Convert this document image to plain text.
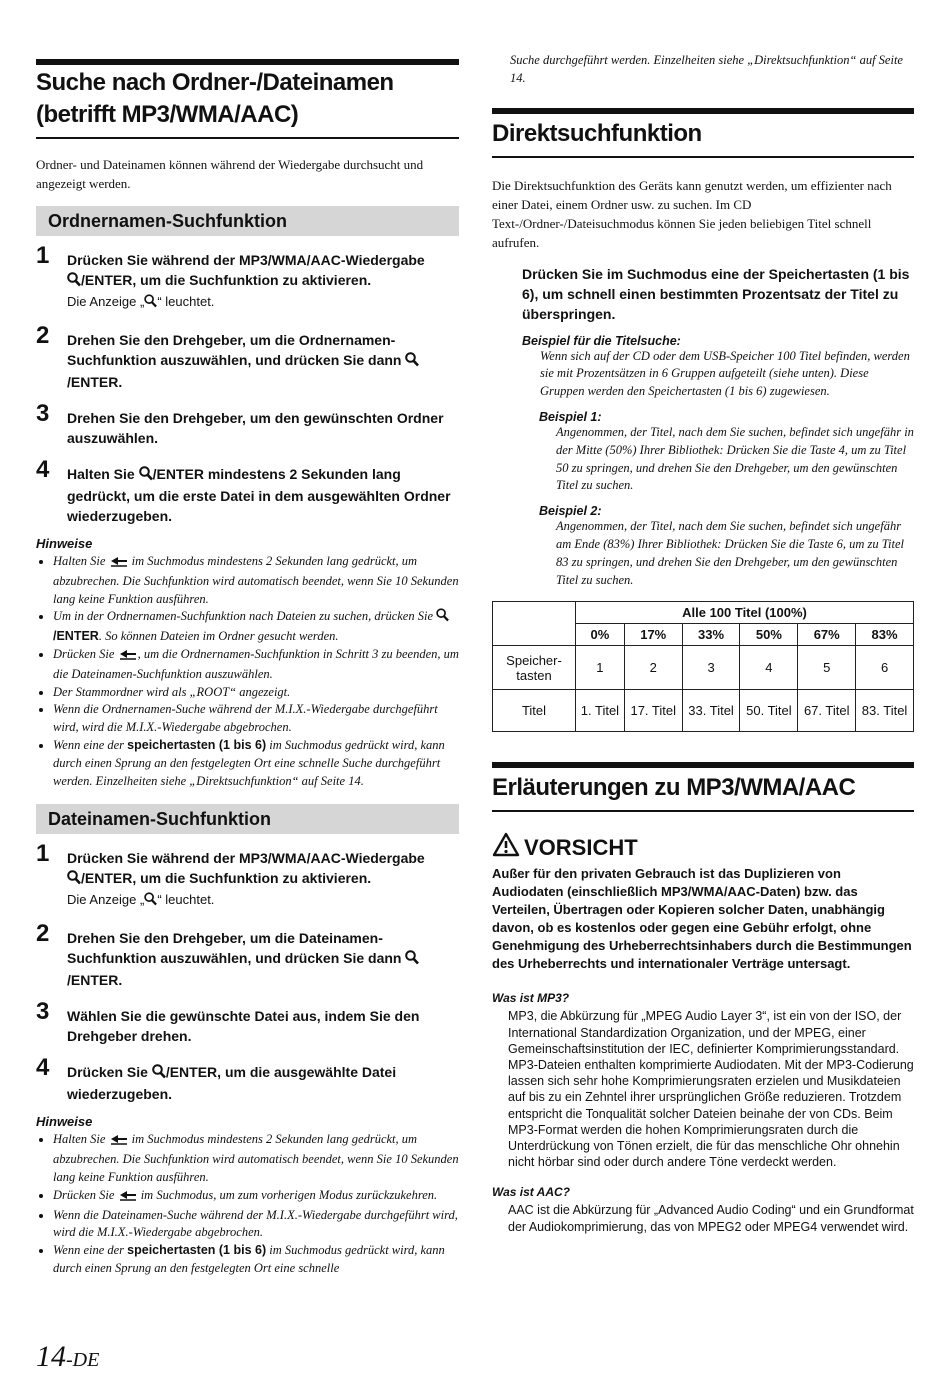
Suche nach Ordner-/Dateinamen
(betrifft MP3/WMA/AAC)

Ordner- und Dateinamen können während der Wiedergabe durchsucht und angezeigt werden.

Ordnernamen-Suchfunktion
1 Drücken Sie während der MP3/WMA/AAC-Wiedergabe
/ENTER, um die Suchfunktion zu aktivieren.
Die Anzeige „ “ leuchtet.
2 Drehen Sie den Drehgeber, um die Ordnernamen-Suchfunktion auszuwählen, und drücken Sie dann /ENTER.
3 Drehen Sie den Drehgeber, um den gewünschten Ordner auszuwählen.
4 Halten Sie /ENTER mindestens 2 Sekunden lang gedrückt, um die erste Datei in dem ausgewählten Ordner wiederzugeben.

Hinweise

• Halten Sie im Suchmodus mindestens 2 Sekunden lang gedrückt, um abzubrechen. Die Suchfunktion wird automatisch beendet, wenn Sie 10 Sekunden lang keine Funktion ausführen.
• Um in der Ordnernamen-Suchfunktion nach Dateien zu suchen, drücken Sie /ENTER. So können Dateien im Ordner gesucht werden.
• Drücken Sie , um die Ordnernamen-Suchfunktion in Schritt 3 zu beenden, um die Dateinamen-Suchfunktion auszuwählen.
• Der Stammordner wird als „ROOT“ angezeigt.
• Wenn die Ordnernamen-Suche während der M.I.X.-Wiedergabe durchgeführt wird, wird die M.I.X.-Wiedergabe abgebrochen.
• Wenn eine der speichertasten (1 bis 6) im Suchmodus gedrückt wird, kann durch einen Sprung an den festgelegten Ort eine schnelle Suche durchgeführt werden. Einzelheiten siehe „Direktsuchfunktion“ auf Seite 14.
Dateinamen-Suchfunktion
1 Drücken Sie während der MP3/WMA/AAC-Wiedergabe
/ENTER, um die Suchfunktion zu aktivieren.
Die Anzeige „ “ leuchtet.
2 Drehen Sie den Drehgeber, um die Dateinamen-Suchfunktion auszuwählen, und drücken Sie dann /ENTER.
3 Wählen Sie die gewünschte Datei aus, indem Sie den Drehgeber drehen.
4 Drücken Sie /ENTER, um die ausgewählte Datei wiederzugeben.

Hinweise

• Halten Sie im Suchmodus mindestens 2 Sekunden lang gedrückt, um abzubrechen. Die Suchfunktion wird automatisch beendet, wenn Sie 10 Sekunden lang keine Funktion ausführen.
• Drücken Sie im Suchmodus, um zum vorherigen Modus zurückzukehren.
• Wenn die Dateinamen-Suche während der M.I.X.-Wiedergabe durchgeführt wird, wird die M.I.X.-Wiedergabe abgebrochen.
• Wenn eine der speichertasten (1 bis 6) im Suchmodus gedrückt wird, kann durch einen Sprung an den festgelegten Ort eine schnelle

Suche durchgeführt werden. Einzelheiten siehe „Direktsuchfunktion“ auf Seite 14.

Direktsuchfunktion

Die Direktsuchfunktion des Geräts kann genutzt werden, um effizienter nach einer Datei, einem Ordner usw. zu suchen. Im CD Text-/Ordner-/Dateisuchmodus können Sie jeden beliebigen Titel schnell aufrufen.

Drücken Sie im Suchmodus eine der Speichertasten (1 bis 6), um schnell einen bestimmten Prozentsatz der Titel zu überspringen.

Beispiel für die Titelsuche:

Wenn sich auf der CD oder dem USB-Speicher 100 Titel befinden, werden sie mit Prozentsätzen in 6 Gruppen aufgeteilt (siehe unten). Diese Gruppen werden den Speichertasten (1 bis 6) zugewiesen.

Beispiel 1:

Angenommen, der Titel, nach dem Sie suchen, befindet sich ungefähr in der Mitte (50%) Ihrer Bibliothek: Drücken Sie die Taste 4, um zu Titel 50 zu springen, und drehen Sie den Drehgeber, um den gewünschten Titel zu suchen.

Beispiel 2:

Angenommen, der Titel, nach dem Sie suchen, befindet sich ungefähr am Ende (83%) Ihrer Bibliothek: Drücken Sie die Taste 6, um zu Titel 83 zu springen, und drehen Sie den Drehgeber, um den gewünschten Titel zu suchen.

	Alle 100 Titel (100%)					
	0%	17%	33%	50%	67%	83%
Speicher-tasten	1	2	3	4	5	6
Titel	1. Titel	17. Titel	33. Titel	50. Titel	67. Titel	83. Titel
Erläuterungen zu MP3/WMA/AAC
VORSICHT

Außer für den privaten Gebrauch ist das Duplizieren von Audiodaten (einschließlich MP3/WMA/AAC-Daten) bzw. das Verteilen, Übertragen oder Kopieren solcher Daten, unabhängig davon, ob es kostenlos oder gegen eine Gebühr erfolgt, ohne Genehmigung des Urheberrechtsinhabers durch die Bestimmungen des Urheberrechts und internationaler Verträge untersagt.

Was ist MP3?

MP3, die Abkürzung für „MPEG Audio Layer 3“, ist ein von der ISO, der International Standardization Organization, und der MPEG, einer Gemeinschaftsinstitution der IEC, definierter Komprimierungsstandard. MP3-Dateien enthalten komprimierte Audiodaten. Mit der MP3-Codierung lassen sich sehr hohe Komprimierungsraten erzielen und Musikdateien auf bis zu ein Zehntel ihrer ursprünglichen Größe reduzieren. Trotzdem entspricht die Tonqualität solcher Dateien beinahe der von CDs. Beim MP3-Format werden die hohen Komprimierungsraten durch die Unterdrückung von Tönen erzielt, die für das menschliche Ohr ohnehin nicht hörbar sind oder durch andere Töne verdeckt werden.

Was ist AAC?

AAC ist die Abkürzung für „Advanced Audio Coding“ und ein Grundformat der Audiokomprimierung, das von MPEG2 oder MPEG4 verwendet wird.

14-DE
